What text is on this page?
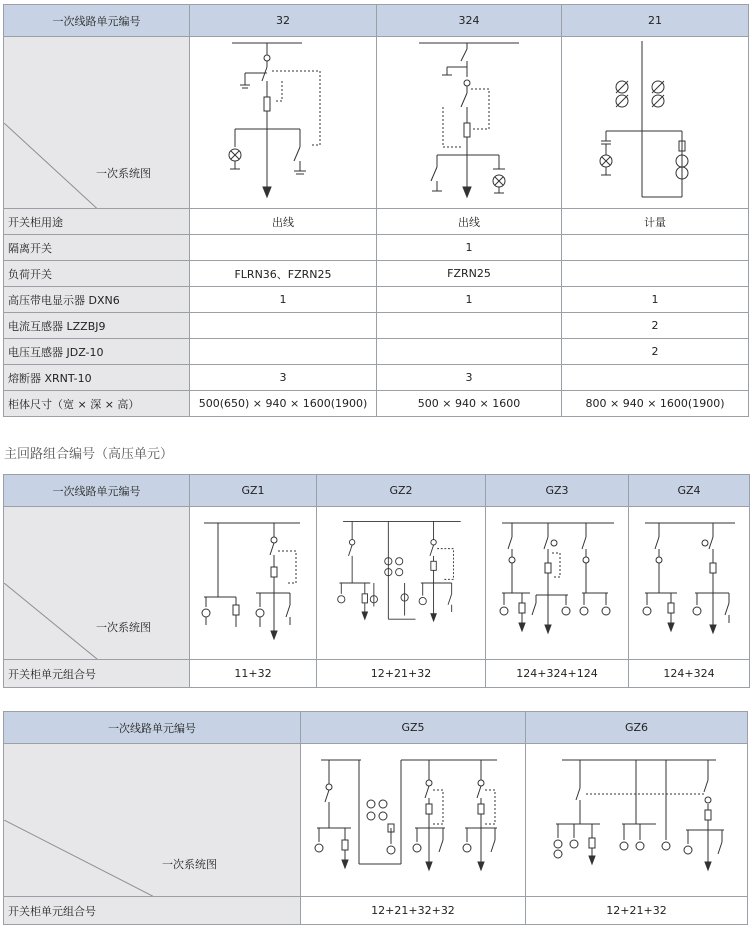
一次线路单元编号	32	324	21

一次系统图

开关柜用途	出线	出线	计量
隔离开关		1	
负荷开关	FLRN36、FZRN25	FZRN25	
高压带电显示器 DXN6	1	1	1
电流互感器 LZZBJ9			2
电压互感器 JDZ-10			2
熔断器 XRNT-10	3	3	
柜体尺寸（宽 × 深 × 高）	500(650) × 940 × 1600(1900)	500 × 940 × 1600	800 × 940 × 1600(1900)
主回路组合编号（高压单元）
一次线路单元编号	GZ1	GZ2	GZ3	GZ4

一次系统图

开关柜单元组合号	11+32	12+21+32	124+324+124	124+324
一次线路单元编号	GZ5	GZ6

一次系统图

开关柜单元组合号	12+21+32+32	12+21+32
